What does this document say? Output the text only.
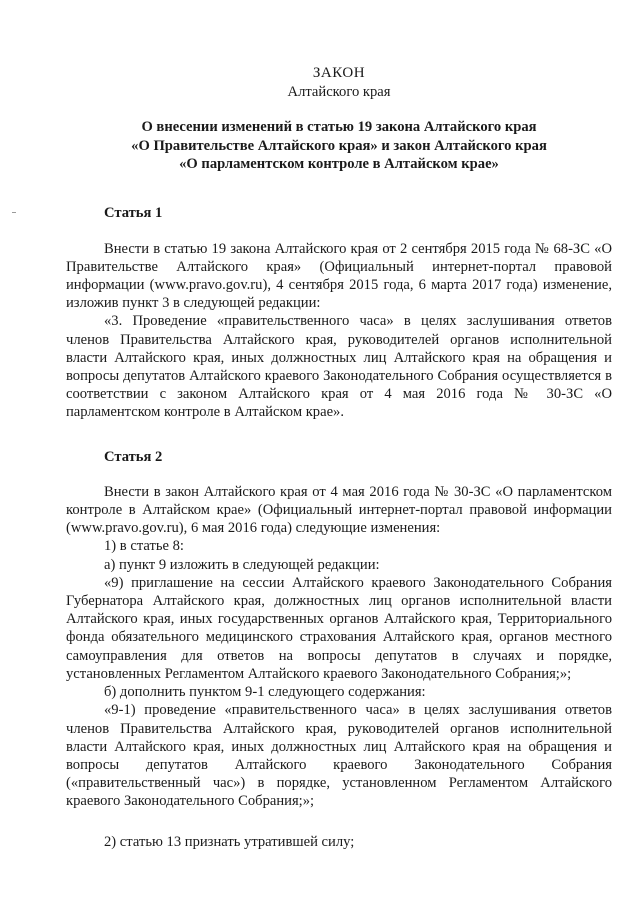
ЗАКОН

Алтайского края

О внесении изменений в статью 19 закона Алтайского края
«О Правительстве Алтайского края» и закон Алтайского края
«О парламентском контроле в Алтайском крае»

Статья 1

Внести в статью 19 закона Алтайского края от 2 сентября 2015 года № 68-ЗС «О Правительстве Алтайского края» (Официальный интернет-портал правовой информации (www.pravo.gov.ru), 4 сентября 2015 года, 6 марта 2017 года) изменение, изложив пункт 3 в следующей редакции:

«3. Проведение «правительственного часа» в целях заслушивания ответов членов Правительства Алтайского края, руководителей органов исполнительной власти Алтайского края, иных должностных лиц Алтайского края на обращения и вопросы депутатов Алтайского краевого Законодательного Собрания осуществляется в соответствии с законом Алтайского края от 4 мая 2016 года № 30-ЗС «О парламентском контроле в Алтайском крае».

Статья 2

Внести в закон Алтайского края от 4 мая 2016 года № 30-ЗС «О парламентском контроле в Алтайском крае» (Официальный интернет-портал правовой информации (www.pravo.gov.ru), 6 мая 2016 года) следующие изменения:

1) в статье 8:

а) пункт 9 изложить в следующей редакции:

«9) приглашение на сессии Алтайского краевого Законодательного Собрания Губернатора Алтайского края, должностных лиц органов исполнительной власти Алтайского края, иных государственных органов Алтайского края, Территориального фонда обязательного медицинского страхования Алтайского края, органов местного самоуправления для ответов на вопросы депутатов в случаях и порядке, установленных Регламентом Алтайского краевого Законодательного Собрания;»;

б) дополнить пунктом 9-1 следующего содержания:

«9-1) проведение «правительственного часа» в целях заслушивания ответов членов Правительства Алтайского края, руководителей органов исполнительной власти Алтайского края, иных должностных лиц Алтайского края на обращения и вопросы депутатов Алтайского краевого Законодательного Собрания («правительственный час») в порядке, установленном Регламентом Алтайского краевого Законодательного Собрания;»;

2) статью 13 признать утратившей силу;
